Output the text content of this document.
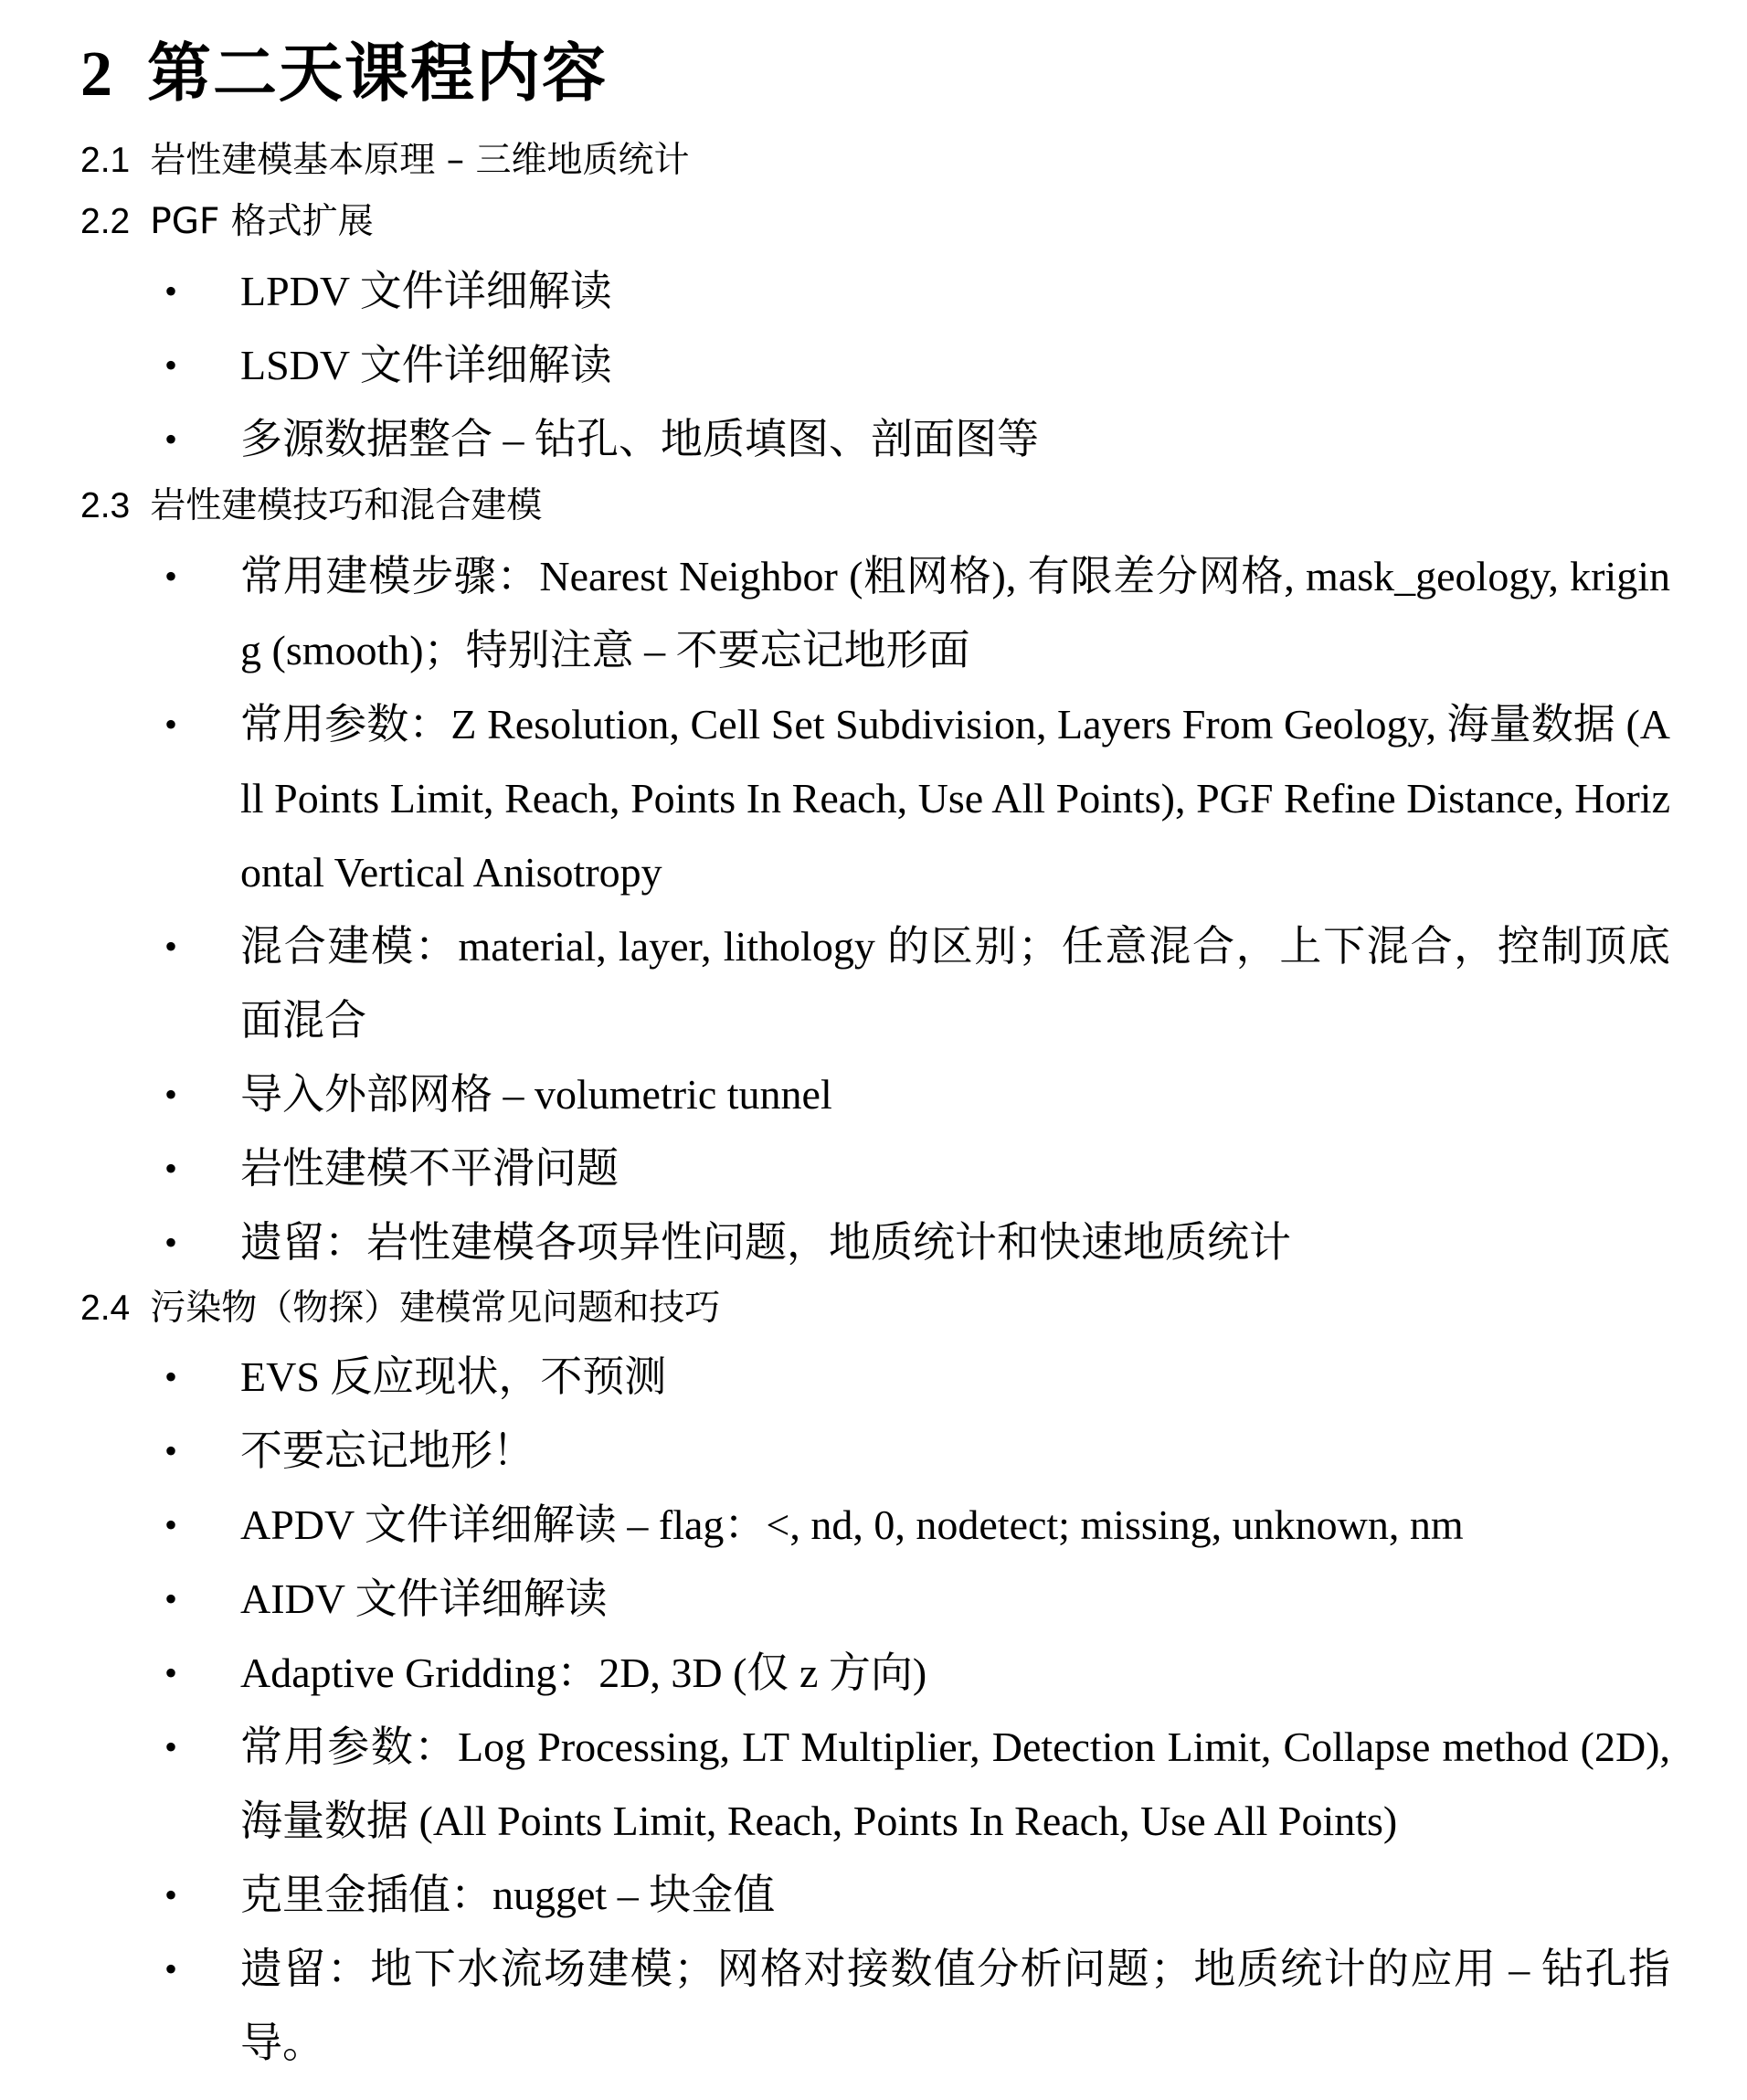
2 第二天课程内容
2.1 岩性建模基本原理 – 三维地质统计
2.2 PGF 格式扩展
• LPDV 文件详细解读
• LSDV 文件详细解读
• 多源数据整合 – 钻孔、地质填图、剖面图等
2.3 岩性建模技巧和混合建模
• 常用建模步骤：Nearest Neighbor (粗网格), 有限差分网格, mask_geology, kriging (smooth)；特别注意 – 不要忘记地形面
• 常用参数：Z Resolution, Cell Set Subdivision, Layers From Geology, 海量数据 (All Points Limit, Reach, Points In Reach, Use All Points), PGF Refine Distance, Horizontal Vertical Anisotropy
• 混合建模：material, layer, lithology 的区别；任意混合，上下混合，控制顶底面混合
• 导入外部网格 – volumetric tunnel
• 岩性建模不平滑问题
• 遗留：岩性建模各项异性问题，地质统计和快速地质统计
2.4 污染物（物探）建模常见问题和技巧
• EVS 反应现状，不预测
• 不要忘记地形！
• APDV 文件详细解读 – flag：<, nd, 0, nodetect; missing, unknown, nm
• AIDV 文件详细解读
• Adaptive Gridding：2D, 3D (仅 z 方向)
• 常用参数：Log Processing, LT Multiplier, Detection Limit, Collapse method (2D), 海量数据 (All Points Limit, Reach, Points In Reach, Use All Points)
• 克里金插值：nugget – 块金值
• 遗留：地下水流场建模；网格对接数值分析问题；地质统计的应用 – 钻孔指导。
